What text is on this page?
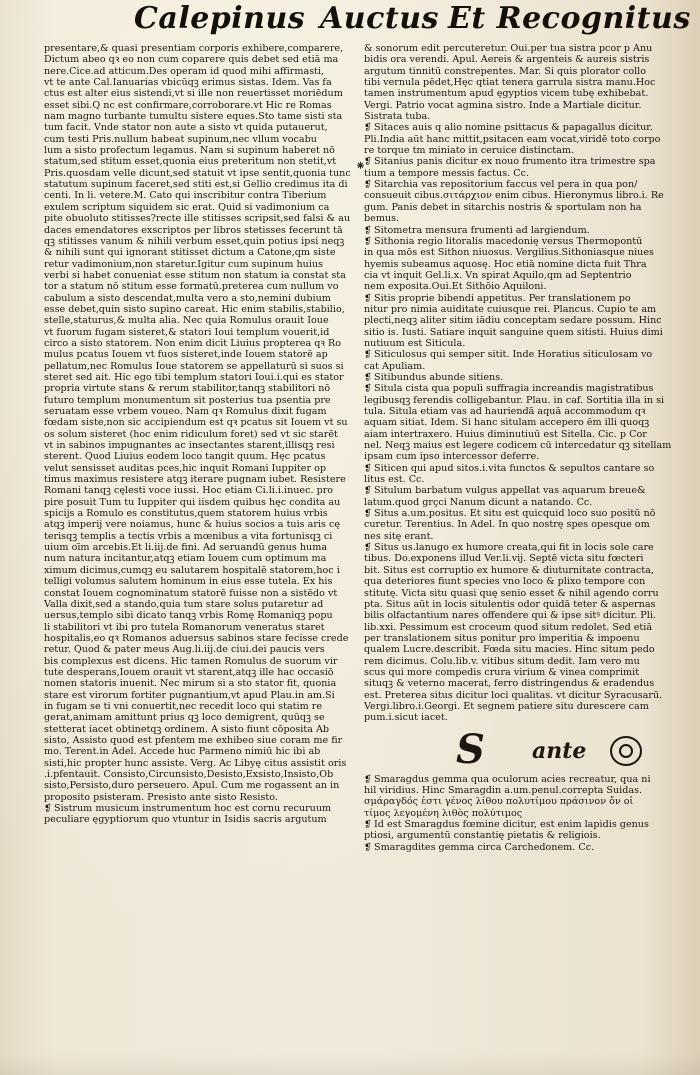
Calepinus Auctus Et Recognitus
presentare,& quasi presentiam corporis exhibere,comparere,
Dictum abeo qꝛ eo non cum coparere quis debet sed etiā ma
nere.Cice.ad atticum.Des operam id quod mihi affirmasti,
vt te ante Cal.Ianuarias vbicūqꝫ erimus sistas. Idem. Vas fa
ctus est alter eius sistendi,vt si ille non reuertisset moriēdum
esset sibi.Q nc est confirmare,corroborare.vt Hic re Romas
nam magno turbante tumultu sistere eques.Sto tame sisti sta
tum facit. Vnde stator non aute a sisto vt quida putauerut,
cum testi Pris.nullum habeat supinum,nec vllum vocabu
lum a sisto profectum legamus. Nam si supinum haberet nō
statum,sed stitum esset,quonia eius preteritum non stetit,vt
Pris.quosdam velle dicunt,sed statuit vt ipse sentit,quonia tunc
statutum supinum faceret,sed stiti est,si Gellio credimus ita di
centi. In li. vetere.M. Cato qui inscribitur contra Tiberium
exulem scriptum siquidem sic erat. Quid si vadimonium ca
pite obuoluto stitisses?recte ille stitisses scripsit,sed falsi & au
daces emendatores exscriptos per libros stetisses fecerunt tā
qꝫ stitisses vanum & nihili verbum esset,quin potius ipsi neqꝫ
& nihili sunt qui ignorant stitisset dictum a Catone,qm siste
retur vadimonium,non staretur.Igitur cum supinum huius
verbi si habet conueniat esse stitum non statum ia constat sta
tor a statum nō stitum esse formatū.preterea cum nullum vo
cabulum a sisto descendat,multa vero a sto,nemini dubium
esse debet,quin sisto supino careat. Hic enim stabilis,stabilio,
stelle,staturus,& multa alia. Nec quia Romulus orauit Ioue
vt fuorum fugam sisteret,& statori Ioui templum vouerit,id
circo a sisto statorem. Non enim dicit Liuius propterea qꝛ Ro
mulus pcatus Iouem vt fuos sisteret,inde Iouem statorē ap
pellatum,nec Romulus Ioue statorem se appellaturū si suos si
steret sed ait. Hic ego tibi templum statori Ioui.i.qui es stator
propria virtute stans & rerum stabilitor,tanqꝫ stabilitori nō
futuro templum monumentum sit posterius tua psentia pre
seruatam esse vrbem voueo. Nam qꝛ Romulus dixit fugam
fœdam siste,non sic accipiendum est qꝛ pcatus sit Iouem vt su
os solum sisteret (hoc enim ridiculum foret) sed vt sic starēt
vt in sabinos impugnantes ac insectantes starent,illisqꝫ resi
sterent. Quod Liuius eodem loco tangit quum. Hęc pcatus
velut sensisset auditas pces,hic inquit Romani Iuppiter op
timus maximus resistere atqꝫ iterare pugnam iubet. Resistere
Romani tanqꝫ cęlesti voce iussi. Hoc etiam Ci.li.i.inuec. pro
pire posuit Tum tu Iuppiter qui iisdem quibus hęc condita au
spicijs a Romulo es constitutus,quem statorem huius vrbis
atqꝫ imperij vere noiamus, hunc & huius socios a tuis aris cę
terisqꝫ templis a tectis vrbis a mœnibus a vita fortunisqꝫ ci
uium oīm arcebis.Et li.iij.de fini. Ad seruandū genus huma
num natura incitantur,atqꝫ etiam Iouem cum optimum ma
ximum dicimus,cumqꝫ eu salutarem hospitalē statorem,hoc i
telligi volumus salutem hominum in eius esse tutela. Ex his
constat Iouem cognominatum statorē fuisse non a sistēdo vt
Valla dixit,sed a stando,quia tum stare solus putaretur ad
uersus,templo sibi dicato tanqꝫ vrbis Romę Romaniqꝫ popu
li stabilitori vt ibi pro tutela Romanorum veneratus staret
hospitalis,eo qꝛ Romanos aduersus sabinos stare fecisse crede
retur. Quod & pater meus Aug.li.iij.de ciui.dei paucis vers
bis complexus est dicens. Hic tamen Romulus de suorum vir
tute desperans,Iouem orauit vt starent,atqꝫ ille hac occasiō
nomen statoris inuenit. Nec mirum si a sto stator fit, quonia
stare est virorum fortiter pugnantium,vt apud Plau.in am.Si
in fugam se ti vni conuertit,nec recedit loco qui statim re
gerat,animam amittunt prius qꝫ loco demigrent, quūqꝫ se
stetterat iacet obtinetqꝫ ordinem. A sisto fiunt cōposita Ab
sisto, Assisto quod est pfentem me exhibeo siue coram me fir
mo. Terent.in Adel. Accede huc Parmeno nimiū hic ibi ab
sisti,hic propter hunc assiste. Verg. Ac Libyę citus assistit oris
.i.pfentauit. Consisto,Circunsisto,Desisto,Exsisto,Insisto,Ob
sisto,Persisto,duro perseuero. Apul. Cum me rogassent an in
proposito psisteram. Presisto ante sisto Resisto.
❡ Sistrum musicum instrumentum hoc est cornu recuruum
peculiare ęgyptiorum quo vtuntur in Isidis sacris argutum
⁕
& sonorum edit percuteretur. Oui.per tua sistra pcor p Anu
bidis ora verendi. Apul. Aereis & argenteis & aureis sistris
argutum tinnitū constrepentes. Mar. Si quis plorator collo
tibi vernula pēdet,Hęc qtiat tenera garrula sistra manu.Hoc
tamen instrumentum apud ęgyptios vicem tubę exhibebat.
Vergi. Patrio vocat agmina sistro. Inde a Martiale dicitur.
Sistrata tuba.
❡ Sitaces auis q alio nomine psittacus & papagallus dicitur.
Pli.India aūt hanc mittit,psitacen eam vocat,viridē toto corpo
re torque tm miniato in ceruice distinctam.
❡ Sitanius panis dicitur ex nouo frumento itra trimestre spa
tium a tempore messis factus. Cc.
❡ Sitarchia vas repositorium faccus vel pera in qua pon/
consueuit cibus.σιτάρχιον enim cibus. Hieronymus libro.i. Re
gum. Panis debet in sitarchis nostris & sportulam non ha
bemus.
❡ Sitometra mensura frumenti ad largiendum.
❡ Sithonia regio litoralis macedonię versus Thermopontū
in qua mōs est Sithon niuosus. Vergilius.Sithoniasque niues
hyemis subeamus aquosę. Hoc etiā nomine dicta fuit Thra
cia vt inquit Gel.li.x. Vn spirat Aquilo,qm ad Septentrio
nem exposita.Oui.Et Sithōio Aquiloni.
❡ Sitis proprie bibendi appetitus. Per translationem po
nitur pro nimia auiditate cuiusque rei. Plancus. Cupio te am
plecti,neqꝫ aliter sitim iādiu conceptam sedare possum. Hinc
sitio is. Iusti. Satiare inquit sanguine quem sitisti. Huius dimi
nutiuum est Siticula.
❡ Siticulosus qui semper sitit. Inde Horatius siticulosam vo
cat Apuliam.
❡ Sitibundus abunde sitiens.
❡ Situla cista qua populi suffragia increandis magistratibus
legibusqꝫ ferendis colligebantur. Plau. in caf. Sortitia illa in si
tula. Situla etiam vas ad hauriendā aquā accommodum qꝛ
aquam sitiat. Idem. Si hanc situlam accepero ēm illi quoqꝫ
aiam intertraxero. Huius diminutiuū est Sitella. Cic. p Cor
nel. Neqꝫ maius est legere codicem cū intercedatur qꝫ sitellam
ipsam cum ipso intercessor deferre.
❡ Siticen qui apud sitos.i.vita functos & sepultos cantare so
litus est. Cc.
❡ Situlum barbatum vulgus appellat vas aquarum breue&
latum.quod grçci Nanum dicunt a natando. Cc.
❡ Situs a.um.positus. Et situ est quicquid loco suo positū nō
curetur. Terentius. In Adel. In quo nostrę spes opesque om
nes sitę erant.
❡ Situs us.lanugo ex humore creata,qui fit in locis sole care
tibus. Do.exponens illud Ver.li.vij. Septē victa situ fœcteri
bit. Situs est corruptio ex humore & diuturnitate contracta,
qua deteriores fiunt species vno loco & plixo tempore con
stitutę. Victa situ quasi quę senio esset & nihil agendo corru
pta. Situs aūt in locis situlentis odor quidā teter & aspernas
bilis olfactantium nares offendere qui & ipse sitꝰ dicitur. Pli.
lib.xxi. Pessimum est croceum quod situm redolet. Sed etiā
per translationem situs ponitur pro imperitia & impoenu
qualem Lucre.describit. Fœda situ macies. Hinc situm pedo
rem dicimus. Colu.lib.v. vitibus situm dedit. Iam vero mu
scus qui more compedis crura virium & vinea comprimit
situqꝫ & veterno macerat, ferro distringendus & eradendus
est. Preterea situs dicitur loci qualitas. vt dicitur Syracusarū.
Vergi.libro.i.Georgi. Et segnem patiere situ durescere cam
pum.i.sicut iacet.
S ante
❡ Smaragdus gemma qua oculorum acies recreatur, qua ni
hil viridius. Hinc Smaragdin a.um.penul.correpta Suidas.
σμάραγδός ἐστι γένος λίθου πολυτίμου πράσινον ὄν οἱ
τίμος λεγομένη λιθὸς πολύτιμος
❡ Id est Smaragdus fœmine dicitur, est enim lapidis genus
ptiosi, argumentū constantię pietatis & religiois.
❡ Smaragdites gemma circa Carchedonem. Cc.
